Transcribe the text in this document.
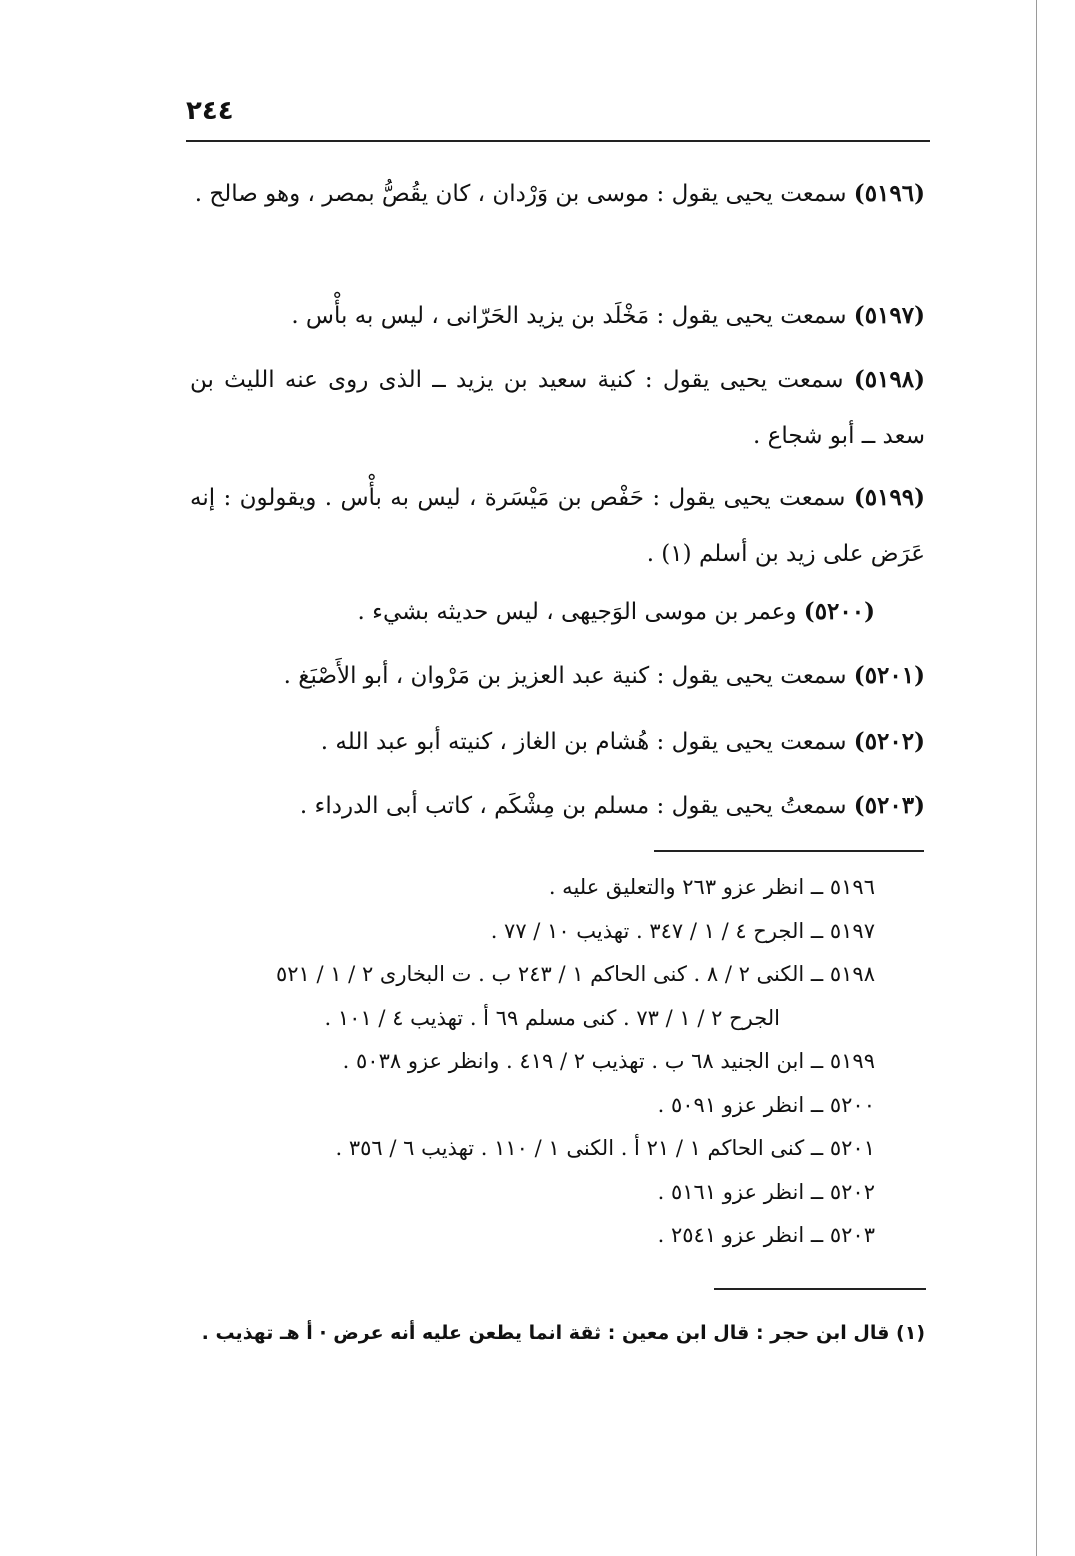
٢٤٤
(٥١٩٦) سمعت يحيى يقول : موسى بن وَرْدان ، كان يقُصُّ بمصر ، وهو صالح .
(٥١٩٧) سمعت يحيى يقول : مَخْلَد بن يزيد الحَرّانى ، ليس به بأْس .
(٥١٩٨) سمعت يحيى يقول : كنية سعيد بن يزيد ــ الذى روى عنه الليث بن سعد ــ أبو شجاع .
(٥١٩٩) سمعت يحيى يقول : حَفْص بن مَيْسَرة ، ليس به بأْس . ويقولون : إنه عَرَض على زيد بن أسلم (١) .
(٥٢٠٠) وعمر بن موسى الوَجيهى ، ليس حديثه بشيء .
(٥٢٠١) سمعت يحيى يقول : كنية عبد العزيز بن مَرْوان ، أبو الأَصْبَغ .
(٥٢٠٢) سمعت يحيى يقول : هُشام بن الغاز ، كنيته أبو عبد الله .
(٥٢٠٣) سمعتُ يحيى يقول : مسلم بن مِشْكَم ، كاتب أبى الدرداء .
٥١٩٦ ــ انظر عزو ٢٦٣ والتعليق عليه .
٥١٩٧ ــ الجرح ٤ / ١ / ٣٤٧ . تهذيب ١٠ / ٧٧ .
٥١٩٨ ــ الكنى ٢ / ٨ . كنى الحاكم ١ / ٢٤٣ ب . ت البخارى ٢ / ١ / ٥٢١
الجرح ٢ / ١ / ٧٣ . كنى مسلم ٦٩ أ . تهذيب ٤ / ١٠١ .
٥١٩٩ ــ ابن الجنيد ٦٨ ب . تهذيب ٢ / ٤١٩ . وانظر عزو ٥٠٣٨ .
٥٢٠٠ ــ انظر عزو ٥٠٩١ .
٥٢٠١ ــ كنى الحاكم ١ / ٢١ أ . الكنى ١ / ١١٠ . تهذيب ٦ / ٣٥٦ .
٥٢٠٢ ــ انظر عزو ٥١٦١ .
٥٢٠٣ ــ انظر عزو ٢٥٤١ .
(١) قال ابن حجر : قال ابن معين : ثقة انما يطعن عليه أنه عرض · أ هـ تهذيب .
